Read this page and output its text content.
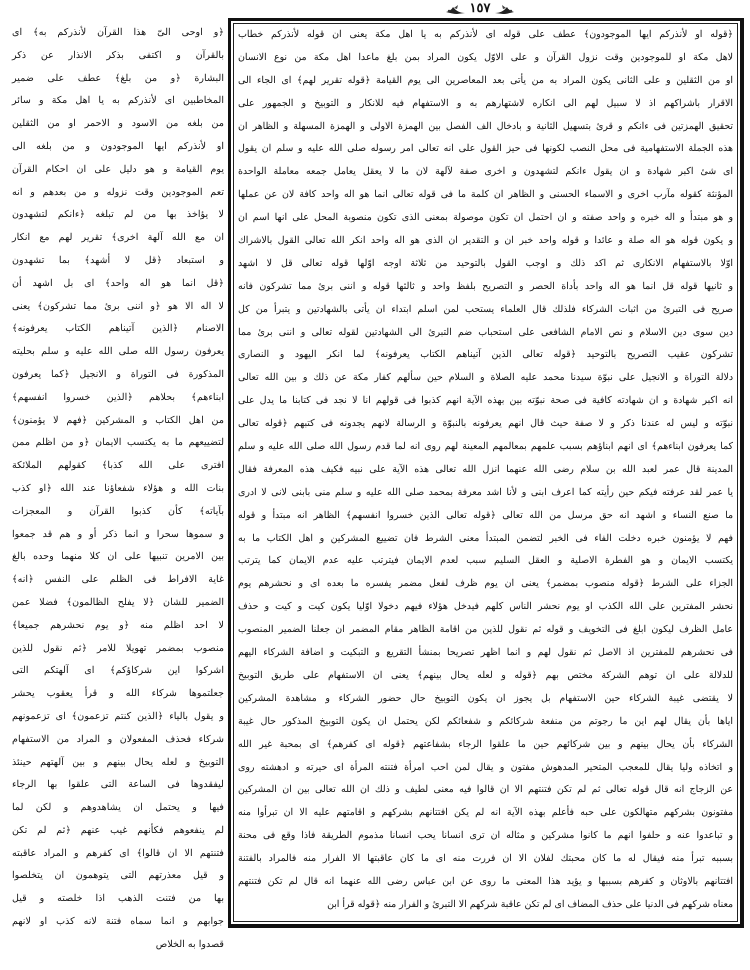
١٥٧
﴿قوله او لأنذركم ايها الموجودون﴾ عطف على قوله اى لأنذركم به يا اهل مكة يعنى ان قوله لأنذركم خطاب
لاهل مكة او للموجودين وقت نزول القرآن و على الاوّل يكون المراد بمن بلغ ماعدا اهل مكة من نوع الانسان
او من الثقلين و على الثانى يكون المراد به من يأتى بعد المعاصرين الى يوم القيامة ﴿قوله تقرير لهم﴾ اى الجاء الى
الاقرار باشراكهم اذ لا سبيل لهم الى انكاره لاشتهارهم به و الاستفهام فيه للانكار و التوبيخ و الجمهور على
تحقيق الهمزتين فى ءانكم و قرئ بتسهيل الثانية و بادخال الف الفصل بين الهمزة الاولى و الهمزة المسهلة و الظاهر ان
هذه الجملة الاستفهامية فى محل النصب لكونها فى حيز القول على انه تعالى امر رسوله صلى الله عليه و سلم ان يقول
اى شئ اكبر شهادة و ان يقول ءانكم لتشهدون و اخرى صفة لآلهة لان ما لا يعقل يعامل جمعه معاملة الواحدة
المؤنثة كقوله مآرب اخرى و الاسماء الحسنى و الظاهر ان كلمة ما فى قوله تعالى انما هو اله واحد كافة لان عن عملها
و هو مبتدأ و اله خبره و واحد صفته و ان احتمل ان تكون موصولة بمعنى الذى تكون منصوبة المحل على انها اسم ان
و يكون قوله هو اله صلة و عائدا و قوله واحد خبر ان و التقدير ان الذى هو اله واحد انكر الله تعالى القول بالاشراك
اوّلا بالاستفهام الانكارى ثم اكد ذلك و اوجب القول بالتوحيد من ثلاثة اوجه اوّلها قوله تعالى قل لا اشهد
و ثانيها قوله قل انما هو اله واحد بأداة الحصر و التصريح بلفظ واحد و ثالثها قوله و اننى برئ مما تشركون فانه
صريح فى التبرئ من اثبات الشركاء فلذلك قال العلماء يستحب لمن اسلم ابتداء ان يأتى بالشهادتين و يتبرأ من كل
دين سوى دين الاسلام و نص الامام الشافعى على استحباب ضم التبرئ الى الشهادتين لقوله تعالى و اننى برئ مما
تشركون عقيب التصريح بالتوحيد ﴿قوله تعالى الذين آتيناهم الكتاب يعرفونه﴾ لما انكر اليهود و النصارى
دلالة التوراة و الانجيل على نبوّة سيدنا محمد عليه الصلاة و السلام حين سألهم كفار مكة عن ذلك و بين الله تعالى
انه اكبر شهادة و ان شهادته كافية فى صحة نبوّته بين بهذه الآية انهم كذبوا فى قولهم انا لا نجد فى كتابنا ما يدل على
نبوّته و ليس له عندنا ذكر و لا صفة حيث قال انهم يعرفونه بالنبوّة و الرسالة لانهم يجدونه فى كتبهم ﴿قوله تعالى
كما يعرفون ابناءهم﴾ اى انهم ابناؤهم بسبب علمهم بمعالمهم المعينة لهم روى انه لما قدم رسول الله صلى الله عليه و سلم
المدينة قال عمر لعبد الله بن سلام رضى الله عنهما انزل الله تعالى هذه الآية على نبيه فكيف هذه المعرفة فقال
يا عمر لقد عرفته فيكم حين رأيته كما اعرف ابنى و لأنا اشد معرفة بمحمد صلى الله عليه و سلم منى بابنى لانى لا ادرى
ما صنع النساء و اشهد انه حق مرسل من الله تعالى ﴿قوله تعالى الذين خسروا انفسهم﴾ الظاهر انه مبتدأ و قوله
فهم لا يؤمنون خبره دخلت الفاء فى الخبر لتضمن المبتدأ معنى الشرط فان تضييع المشركين و اهل الكتاب ما به
يكتسب الايمان و هو الفطرة الاصلية و العقل السليم سبب لعدم الايمان فيترتب عليه عدم الايمان كما يترتب
الجزاء على الشرط ﴿قوله منصوب بمضمر﴾ يعنى ان يوم ظرف لفعل مضمر يفسره ما بعده اى و نحشرهم يوم
نحشر المفترين على الله الكذب او يوم نحشر الناس كلهم فيدخل هؤلاء فيهم دخولا اوّليا يكون كيت و كيت و حذف
عامل الظرف ليكون ابلغ فى التخويف و قوله ثم نقول للذين من اقامة الظاهر مقام المضمر ان جعلنا الضمير المنصوب
فى نحشرهم للمفترين اذ الاصل ثم نقول لهم و انما اظهر تصريحا بمنشأ التقريع و التبكيت و اضافة الشركاء اليهم
للدلالة على ان توهم الشركة مختص بهم ﴿قوله و لعله يحال بينهم﴾ يعنى ان الاستفهام على طريق التوبيخ
لا يقتضى غيبة الشركاء حين الاستفهام بل يجوز ان يكون التوبيخ حال حضور الشركاء و مشاهدة المشركين
اياها بأن يقال لهم اين ما رجوتم من منفعة شركائكم و شفعائكم لكن يحتمل ان يكون التوبيخ المذكور حال غيبة
الشركاء بأن يحال بينهم و بين شركائهم حين ما علقوا الرجاء بشفاعتهم ﴿قوله اى كفرهم﴾ اى بمحبة غير الله
و اتخاذه وليا يقال للمعجب المتحير المدهوش مفتون و يقال لمن احب امرأة فتنته المرأة اى حيرته و ادهشته روى
عن الزجاج انه قال قوله تعالى ثم لم تكن فتنتهم الا ان قالوا فيه معنى لطيف و ذلك ان الله تعالى بين ان المشركين
مفتونون بشركهم متهالكون على حبه فأعلم بهذه الآية انه لم يكن افتتانهم بشركهم و اقامتهم عليه الا ان تبرأوا منه
و تباعدوا عنه و حلفوا انهم ما كانوا مشركين و مثاله ان ترى انسانا يحب انسانا مذموم الطريقة فاذا وقع فى محنة
بسببه تبرأ منه فيقال له ما كان محبتك لفلان الا ان فررت منه اى ما كان عاقبتها الا الفرار منه فالمراد بالفتنة
افتتانهم بالاوثان و كفرهم بسببها و يؤيد هذا المعنى ما روى عن ابن عباس رضى الله عنهما انه قال لم تكن فتنتهم
معناه شركهم فى الدنيا على حذف المضاف اى لم تكن عاقبة شركهم الا التبرئ و الفرار منه ﴿قوله قرأ ابن
﴿و اوحى الىّ هذا القرآن لأنذركم به﴾ اى
بالقرآن و اكتفى بذكر الانذار عن ذكر
البشارة ﴿و من بلغ﴾ عطف على ضمير
المخاطبين اى لأنذركم به يا اهل مكة و سائر
من بلغه من الاسود و الاحمر او من الثقلين
او لأنذركم ايها الموجودون و من بلغه الى
يوم القيامة و هو دليل على ان احكام القرآن
تعم الموجودين وقت نزوله و من بعدهم و انه
لا يؤاخذ بها من لم تبلغه ﴿ءانكم لتشهدون
ان مع الله آلهة اخرى﴾ تقرير لهم مع انكار
و استبعاد ﴿قل لا أشهد﴾ بما تشهدون
﴿قل انما هو اله واحد﴾ اى بل اشهد أن
لا اله الا هو ﴿و اننى برئ مما تشركون﴾ يعنى
الاصنام ﴿الذين آتيناهم الكتاب يعرفونه﴾
يعرفون رسول الله صلى الله عليه و سلم بحليته
المذكورة فى التوراة و الانجيل ﴿كما يعرفون
ابناءهم﴾ بحلاهم ﴿الذين خسروا انفسهم﴾
من اهل الكتاب و المشركين ﴿فهم لا يؤمنون﴾
لتضييعهم ما به يكتسب الايمان ﴿و من اظلم ممن
افترى على الله كذبا﴾ كقولهم الملائكة
بنات الله و هؤلاء شفعاؤنا عند الله ﴿او كذب
بآياته﴾ كأن كذبوا القرآن و المعجزات
و سموها سحرا و انما ذكر أو و هم قد جمعوا
بين الامرين تنبيها على ان كلا منهما وحده بالغ
غاية الافراط فى الظلم على النفس ﴿انه﴾
الضمير للشان ﴿لا يفلح الظالمون﴾ فضلا عمن
لا احد اظلم منه ﴿و يوم نحشرهم جميعا﴾
منصوب بمضمر تهويلا للامر ﴿ثم نقول للذين
اشركوا اين شركاؤكم﴾ اى آلهتكم التى
جعلتموها شركاء الله و قرأ يعقوب يحشر
و يقول بالياء ﴿الذين كنتم تزعمون﴾ اى تزعمونهم
شركاء فحذف المفعولان و المراد من الاستفهام
التوبيخ و لعله يحال بينهم و بين آلهتهم حينئذ
ليفقدوها فى الساعة التى علقوا بها الرجاء
فيها و يحتمل ان يشاهدوهم و لكن لما
لم ينفعوهم فكأنهم غيب عنهم ﴿ثم لم تكن
فتنتهم الا ان قالوا﴾ اى كفرهم و المراد عاقبته
و قيل معذرتهم التى يتوهمون ان يتخلصوا
بها من فتنت الذهب اذا خلصته و قيل
جوابهم و انما سماه فتنة لانه كذب او لانهم
قصدوا به الخلاص
